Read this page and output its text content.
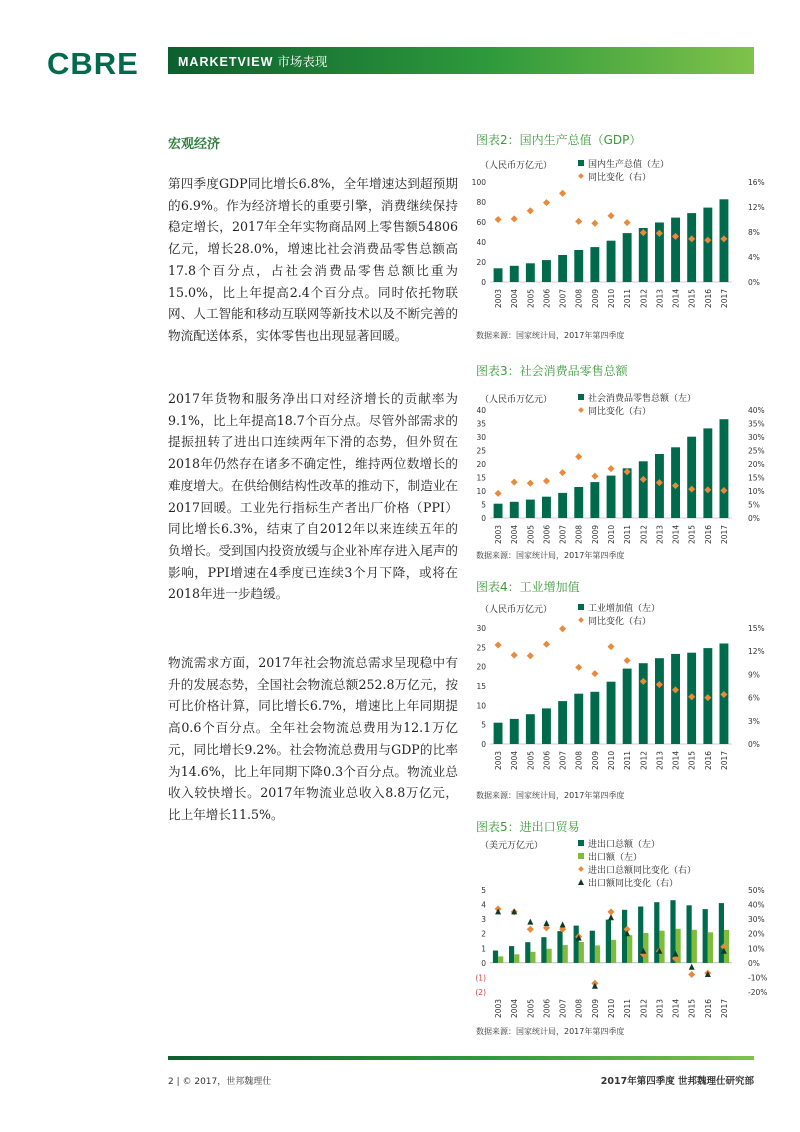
CBRE	MARKETVIEW 市场表现
宏观经济

第四季度GDP同比增长6.8%，全年增速达到超预期的6.9%。作为经济增长的重要引擎，消费继续保持稳定增长，2017年全年实物商品网上零售额54806亿元，增长28.0%，增速比社会消费品零售总额高17.8个百分点，占社会消费品零售总额比重为15.0%，比上年提高2.4个百分点。同时依托物联网、人工智能和移动互联网等新技术以及不断完善的物流配送体系，实体零售也出现显著回暖。

2017年货物和服务净出口对经济增长的贡献率为9.1%，比上年提高18.7个百分点。尽管外部需求的提振扭转了进出口连续两年下滑的态势，但外贸在2018年仍然存在诸多不确定性，维持两位数增长的难度增大。在供给侧结构性改革的推动下，制造业在2017回暖。工业先行指标生产者出厂价格（PPI）同比增长6.3%，结束了自2012年以来连续五年的负增长。受到国内投资放缓与企业补库存进入尾声的影响，PPI增速在4季度已连续3个月下降，或将在2018年进一步趋缓。

物流需求方面，2017年社会物流总需求呈现稳中有升的发展态势，全国社会物流总额252.8万亿元，按可比价格计算，同比增长6.7%，增速比上年同期提高0.6个百分点。全年社会物流总费用为12.1万亿元，同比增长9.2%。社会物流总费用与GDP的比率为14.6%，比上年同期下降0.3个百分点。物流业总收入较快增长。2017年物流业总收入8.8万亿元，比上年增长11.5%。

图表2：国内生产总值（GDP）
（人民币万亿元）	国内生产总值（左）
同比变化（右）
0
20
40
60
80
100
0%
4%
8%
12%
16%
2003 2004 2005 2006 2007 2008 2009 2010 2011 2012 2013 2014 2015 2016 2017
数据来源：国家统计局，2017年第四季度
图表3：社会消费品零售总额
（人民币万亿元）	社会消费品零售总额（左）
同比变化（右）
0
5
10
15
20
25
30
35
40
0%
5%
10%
15%
20%
25%
30%
35%
40%
2003 2004 2005 2006 2007 2008 2009 2010 2011 2012 2013 2014 2015 2016 2017
数据来源：国家统计局，2017年第四季度
图表4：工业增加值
（人民币万亿元）	工业增加值（左）
同比变化（右）
0
5
10
15
20
25
30
0%
3%
6%
9%
12%
15%
2003 2004 2005 2006 2007 2008 2009 2010 2011 2012 2013 2014 2015 2016 2017
数据来源：国家统计局，2017年第四季度
图表5：进出口贸易
（美元万亿元）	进出口总额（左）
出口额（左）
进出口总额同比变化（右）
出口额同比变化（右）
(2)
(1)
0
1
2
3
4
5
-20%
-10%
0%
10%
20%
30%
40%
50%
2003 2004 2005 2006 2007 2008 2009 2010 2011 2012 2013 2014 2015 2016 2017
数据来源：国家统计局，2017年第四季度
2 | © 2017，世邦魏理仕	2017年第四季度 世邦魏理仕研究部
